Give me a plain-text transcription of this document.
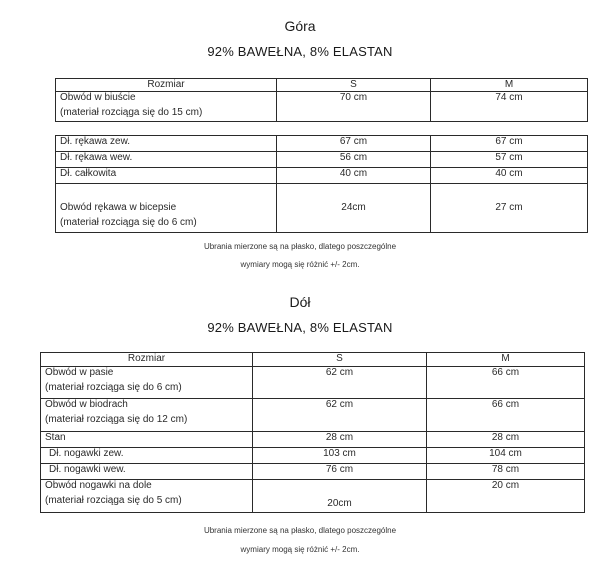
Góra
92% BAWEŁNA, 8% ELASTAN
Rozmiar	S	M

Obwód w biuście
(materiał rozciąga się do 15 cm)	70 cm	74 cm
Dł. rękawa zew.	67 cm	67 cm
Dł. rękawa wew.	56 cm	57 cm
Dł. całkowita	40 cm	40 cm

Obwód rękawa w bicepsie
(materiał rozciąga się do 6 cm)	24cm	27 cm
Ubrania mierzone są na płasko, dlatego poszczególne
wymiary mogą się różnić +/- 2cm.
Dół
92% BAWEŁNA, 8% ELASTAN
Rozmiar	S	M

Obwód w pasie
(materiał rozciąga się do 6 cm)	62 cm	66 cm

Obwód w biodrach
(materiał rozciąga się do 12 cm)	62 cm	66 cm
Stan	28 cm	28 cm
Dł. nogawki zew.	103 cm	104 cm
Dł. nogawki wew.	76 cm	78 cm

Obwód nogawki na dole
(materiał rozciąga się do 5 cm)	20cm	20 cm
Ubrania mierzone są na płasko, dlatego poszczególne
wymiary mogą się różnić +/- 2cm.
